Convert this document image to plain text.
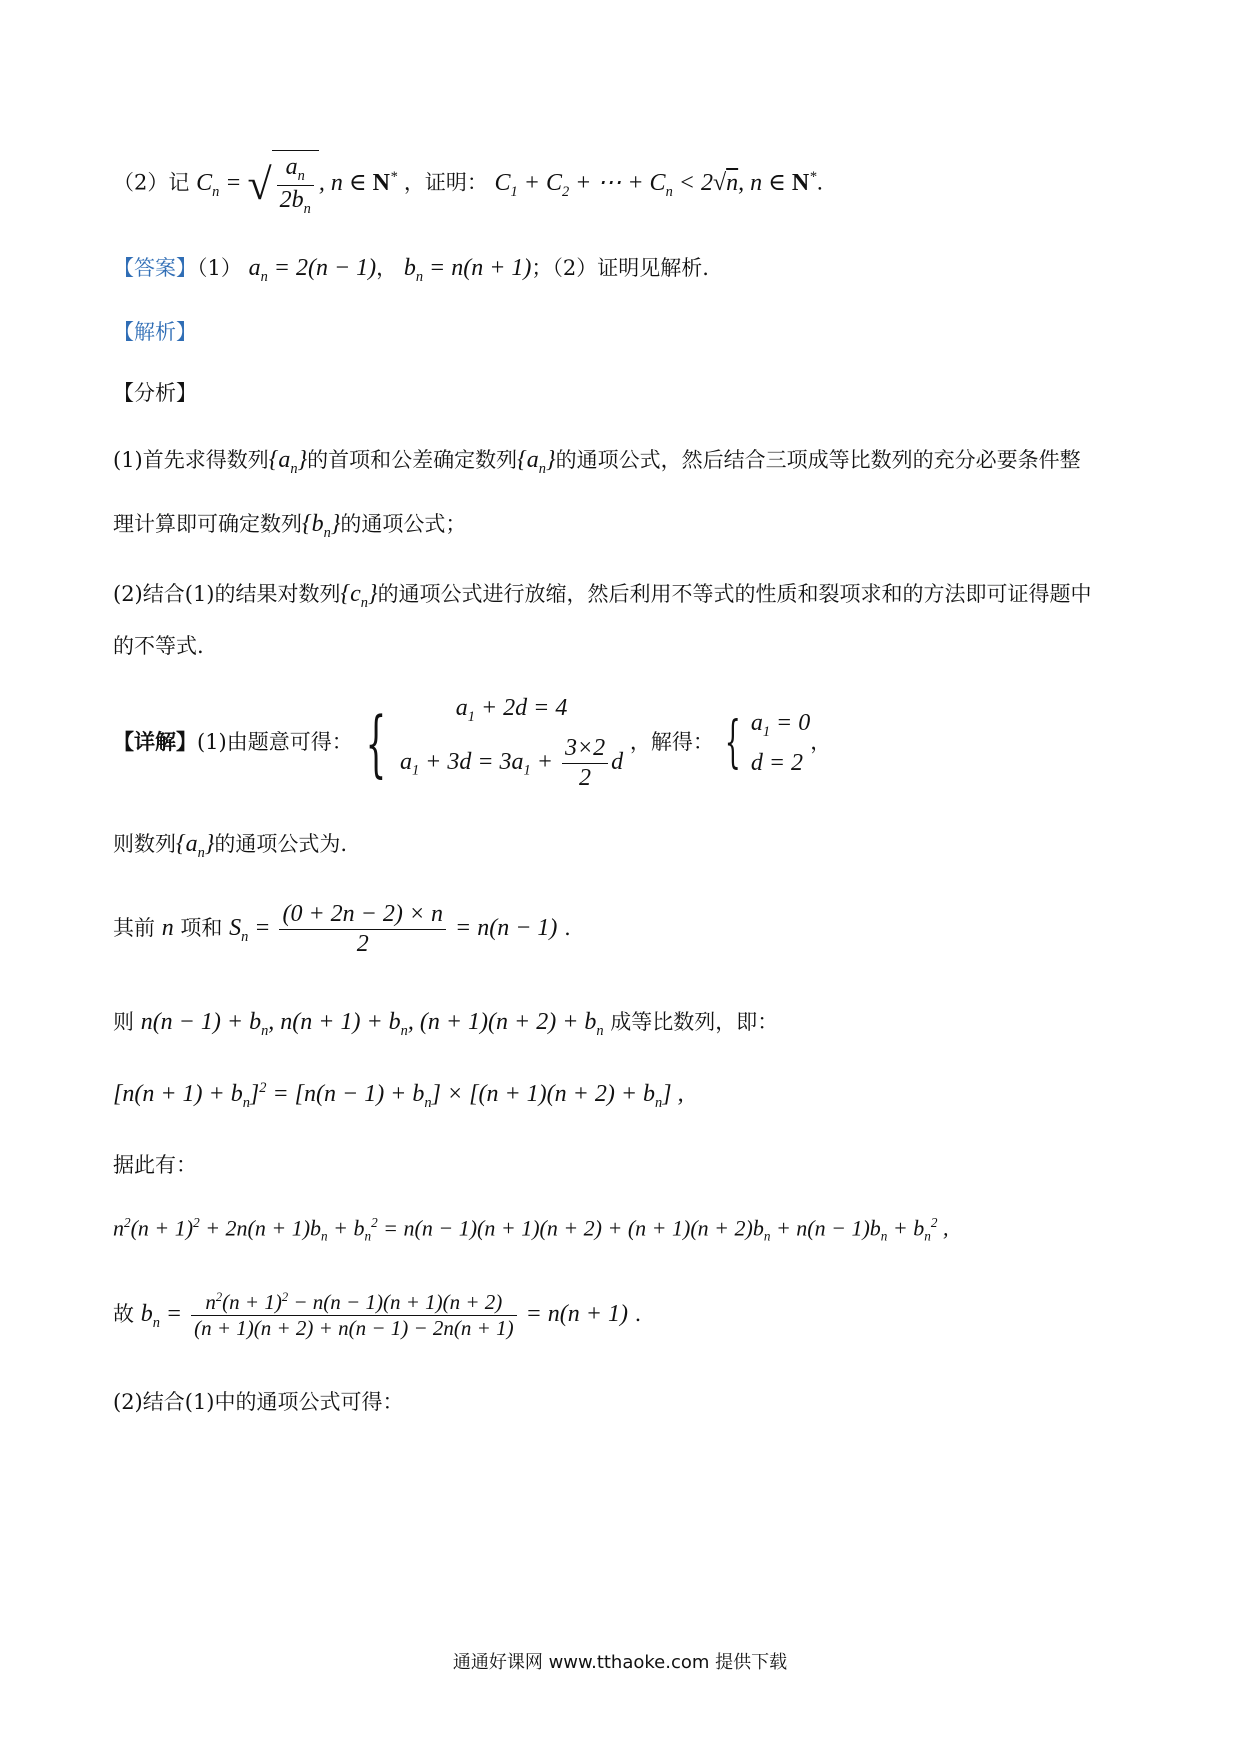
（2）记 $C_n$ = √ $\frac{a_n}{2b_n}$ , n ∈ N* ，证明： $C_1 + C_2$ + ⋯ + $C_n < 2√n$, n ∈ N*.
【答案】（1） $a_n = 2(n - 1)$， $b_n = n(n + 1)$；（2）证明见解析.
【解析】
【分析】
(1)首先求得数列$\{a_n\}$的首项和公差确定数列$\{a_n\}$的通项公式，然后结合三项成等比数列的充分必要条件整
理计算即可确定数列$\{b_n\}$的通项公式；
(2)结合(1)的结果对数列$\{c_n\}$的通项公式进行放缩，然后利用不等式的性质和裂项求和的方法即可证得题中
的不等式.
【详解】(1)由题意可得： {	$a_1 + 2d = 4$
$a_1 + 3d = 3a_1 + \frac{3\times 2}{2}$ d
，解得： { $a_1 = 0$
d = 2
，
则数列$\{a_n\}$的通项公式为.
其前 n 项和 $S_n = \frac{(0 + 2n - 2) \times n}{2} = n(n - 1)$ .
则 $n(n - 1) + b_n$, $n(n + 1) + b_n$, $(n + 1)(n + 2) + b_n$ 成等比数列，即：
$[n(n + 1) + b_n]^2 = [n(n - 1) + b_n] \times [(n + 1)(n + 2) + b_n]$ ,
据此有：
$n^2(n + 1)^2 + 2n(n + 1)b_n + b_n^2 = n(n - 1)(n + 1)(n + 2) + (n + 1)(n + 2)b_n + n(n - 1)b_n + b_n^2$ ,
故 $b_n = \frac{n^2(n + 1)^2 - n(n - 1)(n + 1)(n + 2)}{(n + 1)(n + 2) + n(n - 1) - 2n(n + 1)} = n(n + 1)$ .
(2)结合(1)中的通项公式可得：
通通好课网 www.tthaoke.com 提供下载
